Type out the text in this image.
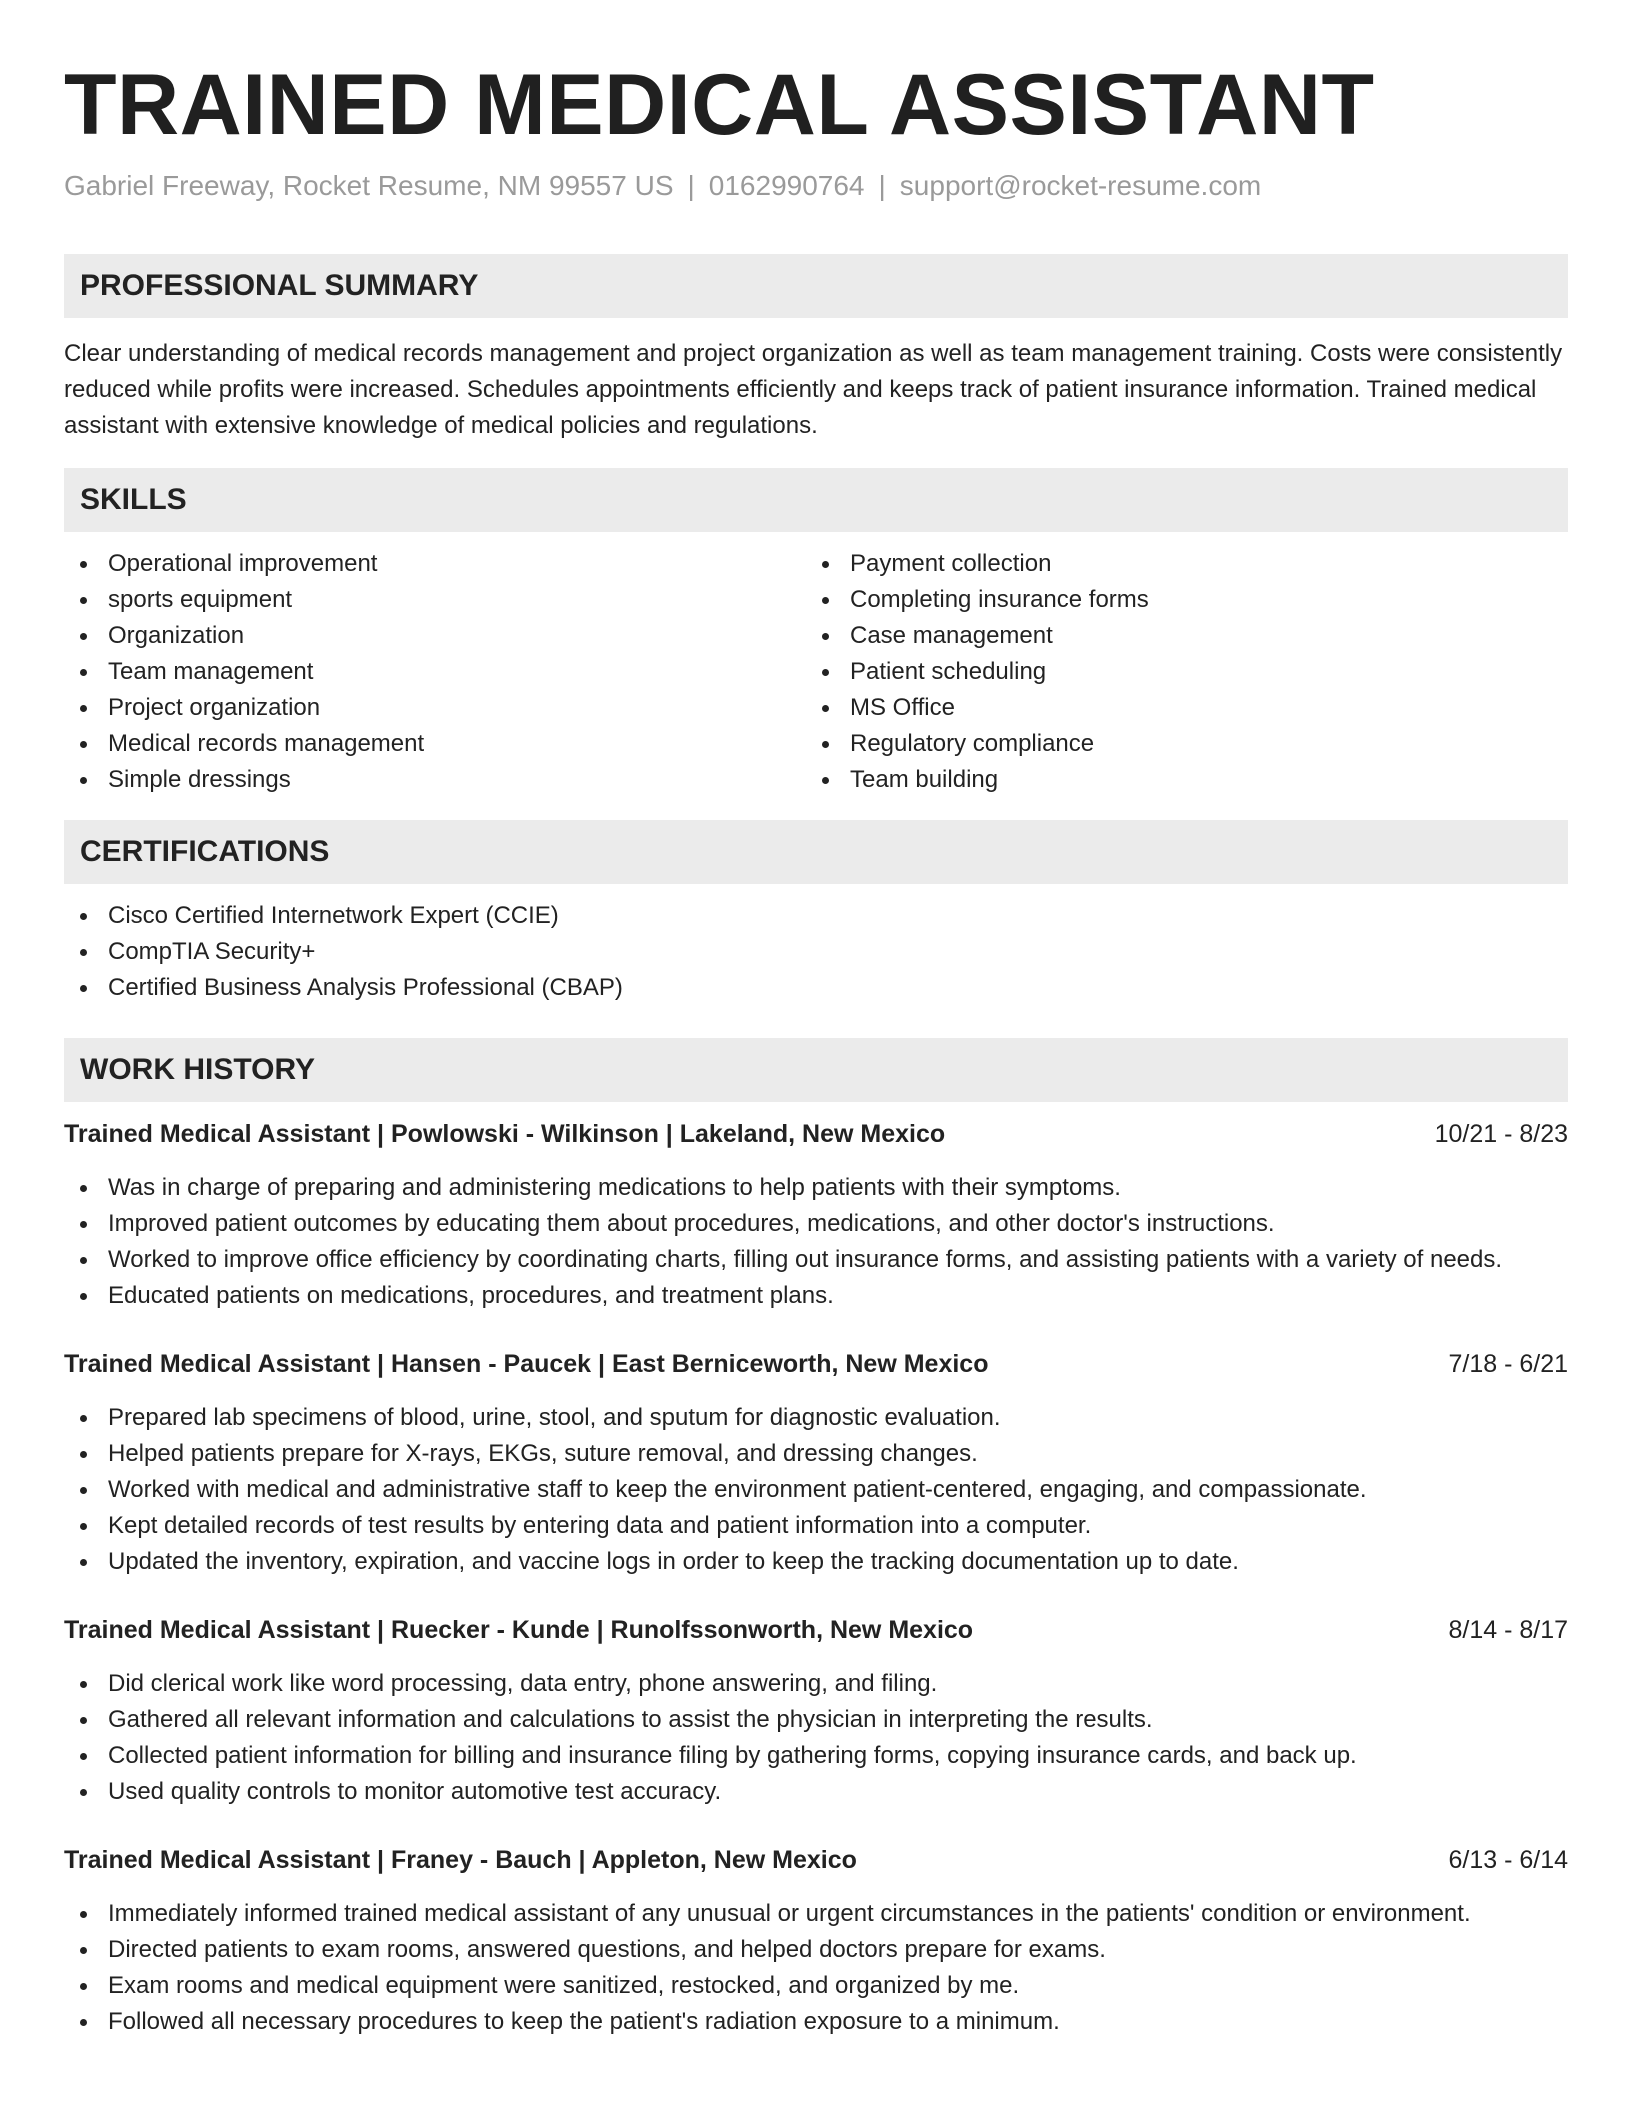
TRAINED MEDICAL ASSISTANT
Gabriel Freeway, Rocket Resume, NM 99557 US | 0162990764 | support@rocket-resume.com
PROFESSIONAL SUMMARY

Clear understanding of medical records management and project organization as well as team management training. Costs were consistently reduced while profits were increased. Schedules appointments efficiently and keeps track of patient insurance information. Trained medical assistant with extensive knowledge of medical policies and regulations.

SKILLS
Operational improvement
sports equipment
Organization
Team management
Project organization
Medical records management
Simple dressings
Payment collection
Completing insurance forms
Case management
Patient scheduling
MS Office
Regulatory compliance
Team building
CERTIFICATIONS
Cisco Certified Internetwork Expert (CCIE)
CompTIA Security+
Certified Business Analysis Professional (CBAP)
WORK HISTORY
Trained Medical Assistant | Powlowski - Wilkinson | Lakeland, New Mexico	10/21 - 8/23
Was in charge of preparing and administering medications to help patients with their symptoms.
Improved patient outcomes by educating them about procedures, medications, and other doctor's instructions.
Worked to improve office efficiency by coordinating charts, filling out insurance forms, and assisting patients with a variety of needs.
Educated patients on medications, procedures, and treatment plans.
Trained Medical Assistant | Hansen - Paucek | East Berniceworth, New Mexico	7/18 - 6/21
Prepared lab specimens of blood, urine, stool, and sputum for diagnostic evaluation.
Helped patients prepare for X-rays, EKGs, suture removal, and dressing changes.
Worked with medical and administrative staff to keep the environment patient-centered, engaging, and compassionate.
Kept detailed records of test results by entering data and patient information into a computer.
Updated the inventory, expiration, and vaccine logs in order to keep the tracking documentation up to date.
Trained Medical Assistant | Ruecker - Kunde | Runolfssonworth, New Mexico	8/14 - 8/17
Did clerical work like word processing, data entry, phone answering, and filing.
Gathered all relevant information and calculations to assist the physician in interpreting the results.
Collected patient information for billing and insurance filing by gathering forms, copying insurance cards, and back up.
Used quality controls to monitor automotive test accuracy.
Trained Medical Assistant | Franey - Bauch | Appleton, New Mexico	6/13 - 6/14
Immediately informed trained medical assistant of any unusual or urgent circumstances in the patients' condition or environment.
Directed patients to exam rooms, answered questions, and helped doctors prepare for exams.
Exam rooms and medical equipment were sanitized, restocked, and organized by me.
Followed all necessary procedures to keep the patient's radiation exposure to a minimum.
